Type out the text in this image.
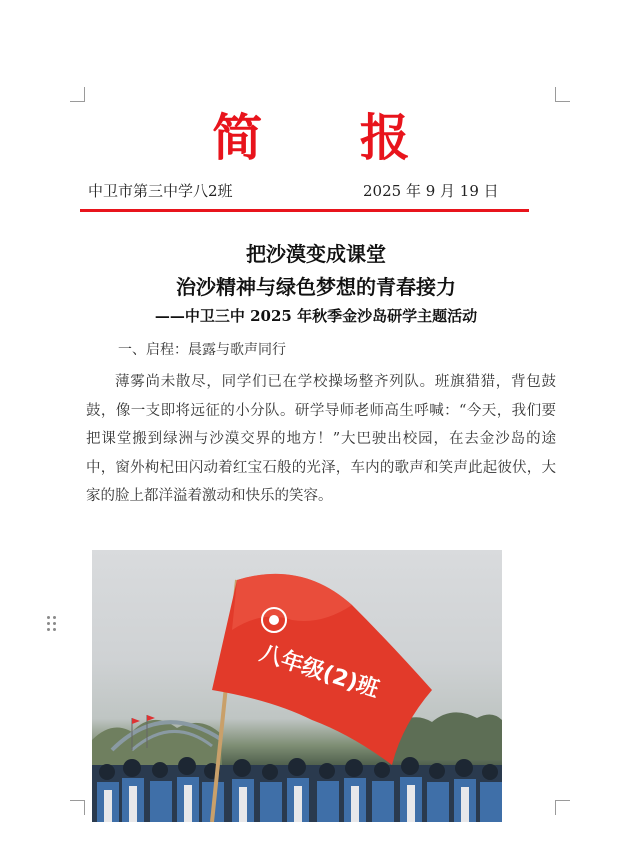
简 报
中卫市第三中学八2班	2025 年 9 月 19 日
把沙漠变成课堂
治沙精神与绿色梦想的青春接力
——中卫三中 2025 年秋季金沙岛研学主题活动
一、启程：晨露与歌声同行

薄雾尚未散尽，同学们已在学校操场整齐列队。班旗猎猎，背包鼓鼓，像一支即将远征的小分队。研学导师老师高生呼喊：“今天，我们要把课堂搬到绿洲与沙漠交界的地方！”大巴驶出校园，在去金沙岛的途中，窗外枸杞田闪动着红宝石般的光泽，车内的歌声和笑声此起彼伏，大家的脸上都洋溢着激动和快乐的笑容。

八年级(2)班
